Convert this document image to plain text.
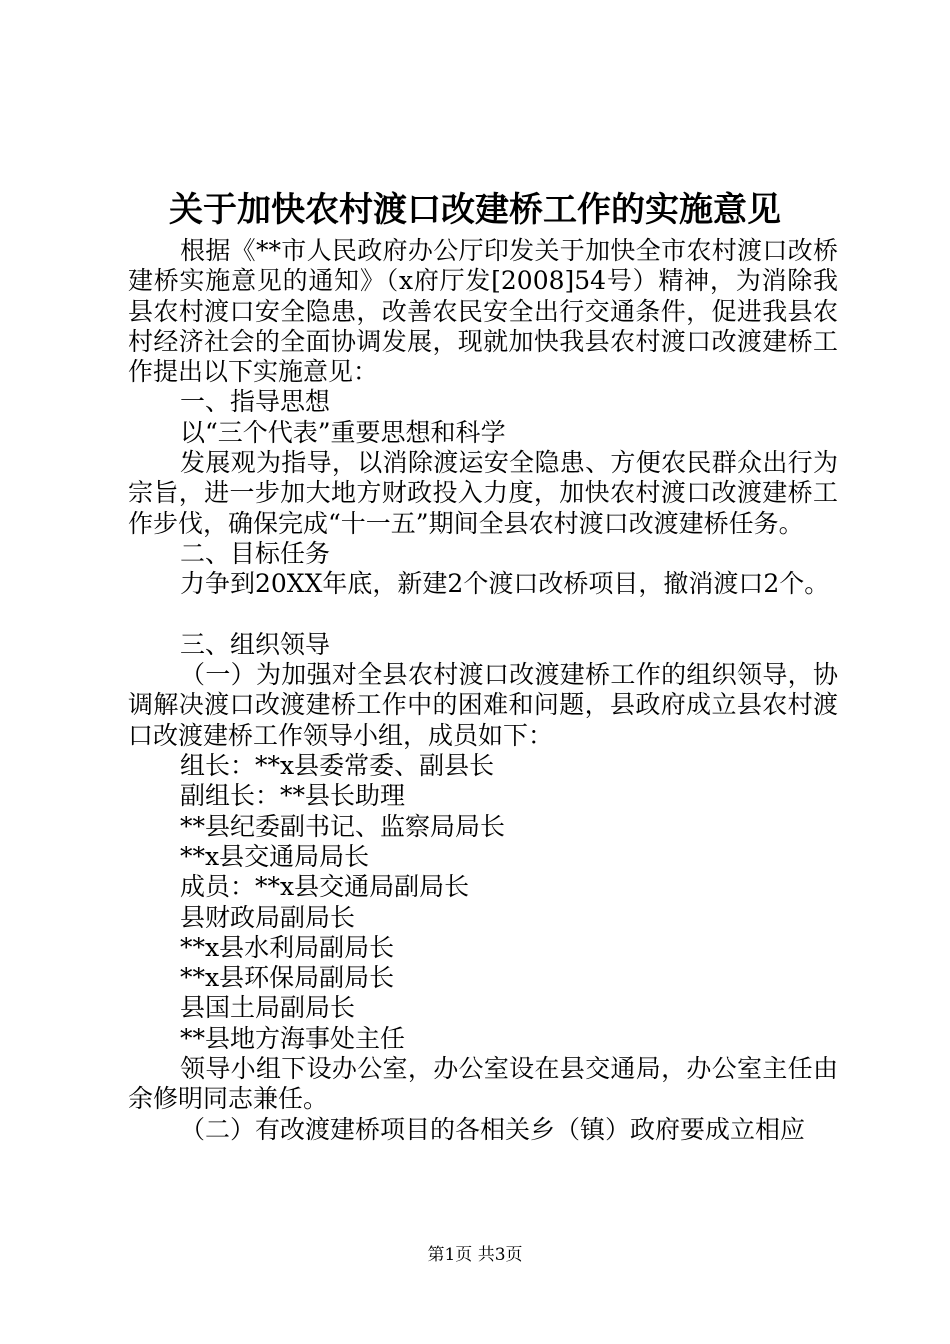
关于加快农村渡口改建桥工作的实施意见

根据《**市人民政府办公厅印发关于加快全市农村渡口改桥建桥实施意见的通知》（x府厅发[2008]54号）精神，为消除我县农村渡口安全隐患，改善农民安全出行交通条件，促进我县农村经济社会的全面协调发展，现就加快我县农村渡口改渡建桥工作提出以下实施意见：

一、指导思想

以“三个代表”重要思想和科学

发展观为指导，以消除渡运安全隐患、方便农民群众出行为宗旨，进一步加大地方财政投入力度，加快农村渡口改渡建桥工作步伐，确保完成“十一五”期间全县农村渡口改渡建桥任务。

二、目标任务

力争到20XX年底，新建2个渡口改桥项目，撤消渡口2个。

三、组织领导

（一）为加强对全县农村渡口改渡建桥工作的组织领导，协调解决渡口改渡建桥工作中的困难和问题，县政府成立县农村渡口改渡建桥工作领导小组，成员如下：

组长：**x县委常委、副县长

副组长：**县长助理

**县纪委副书记、监察局局长

**x县交通局局长

成员：**x县交通局副局长

县财政局副局长

**x县水利局副局长

**x县环保局副局长

县国土局副局长

**县地方海事处主任

领导小组下设办公室，办公室设在县交通局，办公室主任由余修明同志兼任。

（二）有改渡建桥项目的各相关乡（镇）政府要成立相应

第1页 共3页
